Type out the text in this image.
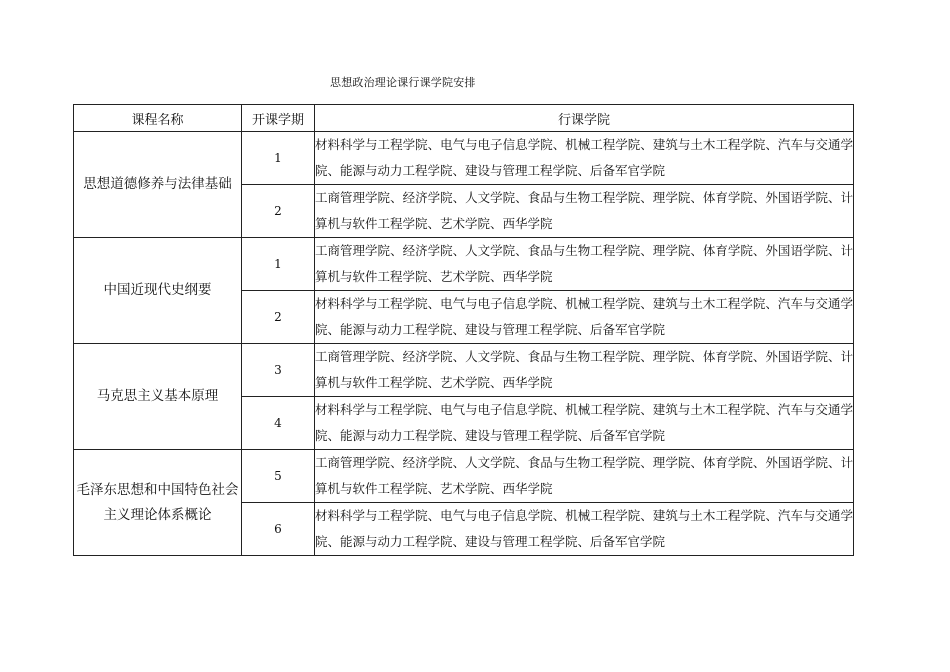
思想政治理论课行课学院安排
课程名称	开课学期	行课学院
思想道德修养与法律基础	1	材料科学与工程学院、电气与电子信息学院、机械工程学院、建筑与土木工程学院、汽车与交通学院、能源与动力工程学院、建设与管理工程学院、后备军官学院
	2	工商管理学院、经济学院、人文学院、食品与生物工程学院、理学院、体育学院、外国语学院、计算机与软件工程学院、艺术学院、西华学院
中国近现代史纲要	1	工商管理学院、经济学院、人文学院、食品与生物工程学院、理学院、体育学院、外国语学院、计算机与软件工程学院、艺术学院、西华学院
	2	材料科学与工程学院、电气与电子信息学院、机械工程学院、建筑与土木工程学院、汽车与交通学院、能源与动力工程学院、建设与管理工程学院、后备军官学院
马克思主义基本原理	3	工商管理学院、经济学院、人文学院、食品与生物工程学院、理学院、体育学院、外国语学院、计算机与软件工程学院、艺术学院、西华学院
	4	材料科学与工程学院、电气与电子信息学院、机械工程学院、建筑与土木工程学院、汽车与交通学院、能源与动力工程学院、建设与管理工程学院、后备军官学院
毛泽东思想和中国特色社会主义理论体系概论	5	工商管理学院、经济学院、人文学院、食品与生物工程学院、理学院、体育学院、外国语学院、计算机与软件工程学院、艺术学院、西华学院
	6	材料科学与工程学院、电气与电子信息学院、机械工程学院、建筑与土木工程学院、汽车与交通学院、能源与动力工程学院、建设与管理工程学院、后备军官学院
